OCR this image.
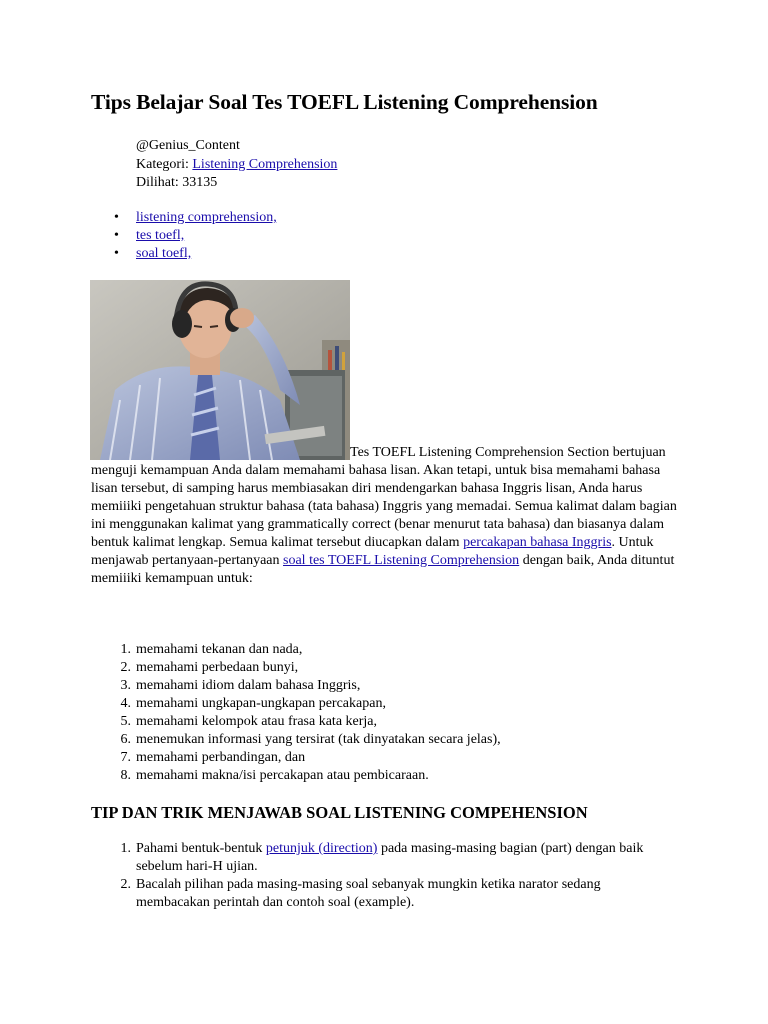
Tips Belajar Soal Tes TOEFL Listening Comprehension
@Genius_Content
Kategori: Listening Comprehension
Dilihat: 33135
• listening comprehension,
• tes toefl,
• soal toefl,
Tes TOEFL Listening Comprehension Section bertujuan menguji kemampuan Anda dalam memahami bahasa lisan. Akan tetapi, untuk bisa memahami bahasa lisan tersebut, di samping harus membiasakan diri mendengarkan bahasa Inggris lisan, Anda harus memiiiki pengetahuan struktur bahasa (tata bahasa) Inggris yang memadai. Semua kalimat dalam bagian ini menggunakan kalimat yang grammatically correct (benar menurut tata bahasa) dan biasanya dalam bentuk kalimat lengkap. Semua kalimat tersebut diucapkan dalam percakapan bahasa Inggris. Untuk menjawab pertanyaan-pertanyaan soal tes TOEFL Listening Comprehension dengan baik, Anda dituntut memiiiki kemampuan untuk:
1. memahami tekanan dan nada,
2. memahami perbedaan bunyi,
3. memahami idiom dalam bahasa Inggris,
4. memahami ungkapan-ungkapan percakapan,
5. memahami kelompok atau frasa kata kerja,
6. menemukan informasi yang tersirat (tak dinyatakan secara jelas),
7. memahami perbandingan, dan
8. memahami makna/isi percakapan atau pembicaraan.
TIP DAN TRIK MENJAWAB SOAL LISTENING COMPEHENSION
1. Pahami bentuk-bentuk petunjuk (direction) pada masing-masing bagian (part) dengan baik sebelum hari-H ujian.
2. Bacalah pilihan pada masing-masing soal sebanyak mungkin ketika narator sedang membacakan perintah dan contoh soal (example).
